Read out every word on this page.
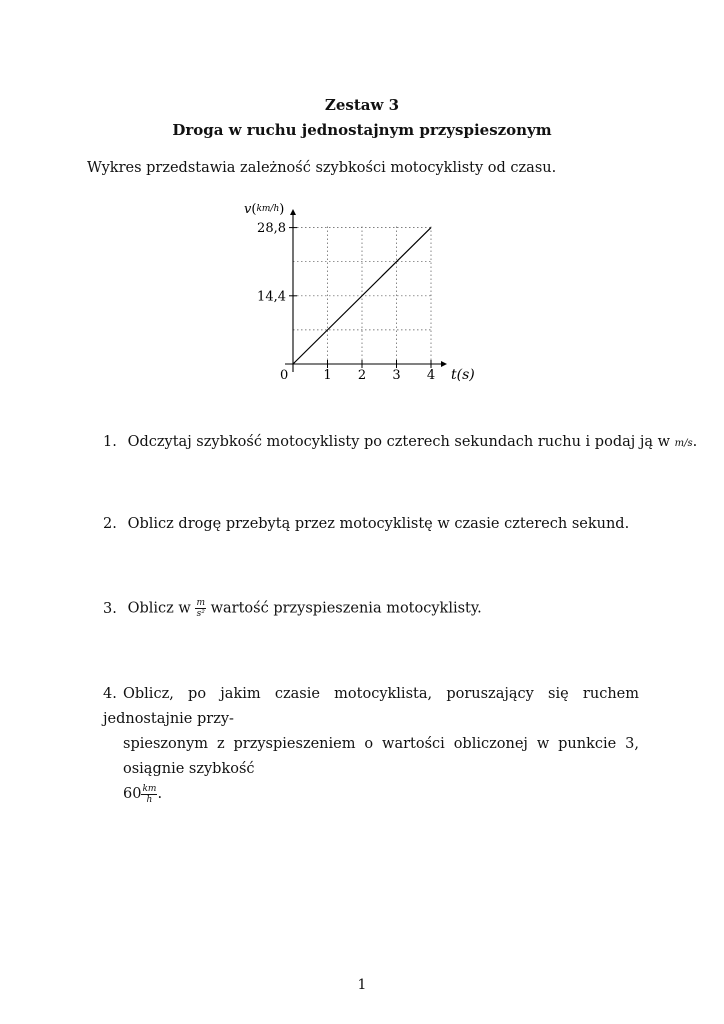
Zestaw 3
Droga w ruchu jednostajnym przyspieszonym
Wykres przedstawia zależność szybkości motocyklisty od czasu.
1 2 3 4
14,4
28,8
v(km/h)
t(s)
0
1. Odczytaj szybkość motocyklisty po czterech sekundach ruchu i podaj ją w m/s.
2. Oblicz drogę przebytą przez motocyklistę w czasie czterech sekund.
3. Oblicz w $\frac{m}{\text{s²}}$ wartość przyspieszenia motocyklisty.
4. Oblicz, po jakim czasie motocyklista, poruszający się ruchem jednostajnie przy-
spieszonym z przyspieszeniem o wartości obliczonej w punkcie 3, osiągnie szybkość
$60 \frac{km}{h}$ .
1
